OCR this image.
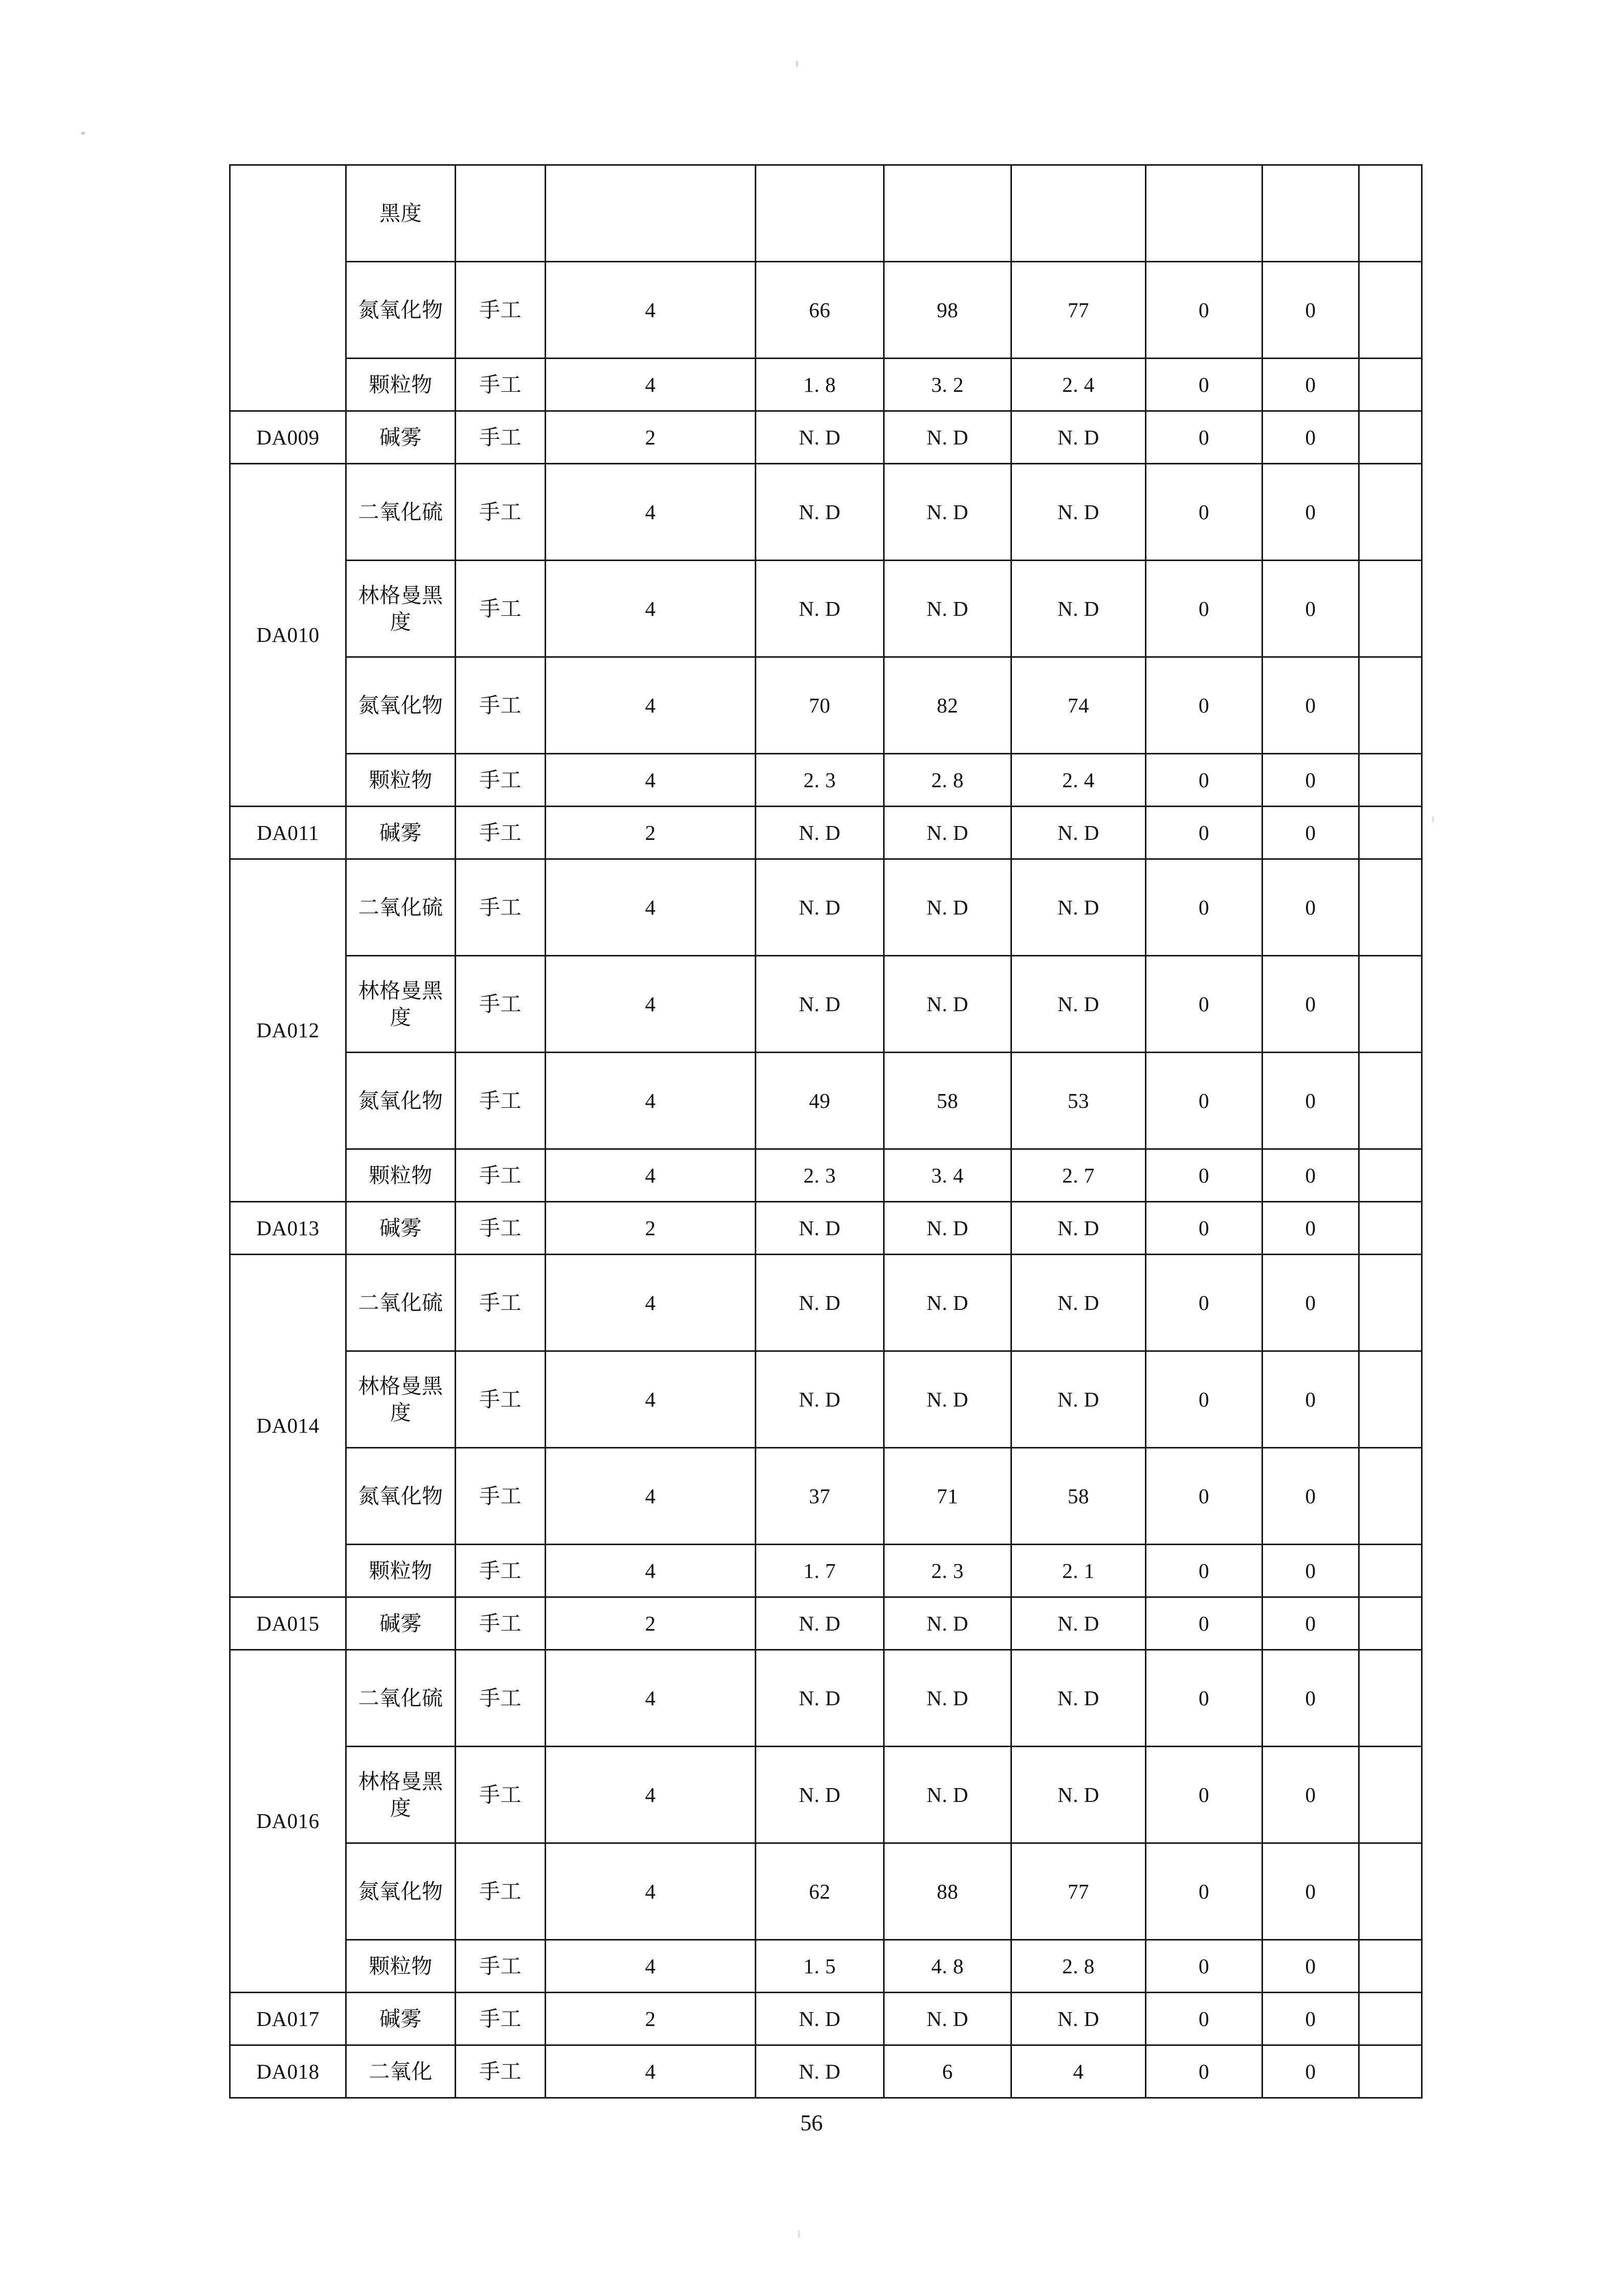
	黑度								
	氮氧化物	手工	4	66	98	77	0	0	
	颗粒物	手工	4	1. 8	3. 2	2. 4	0	0	
DA009	碱雾	手工	2	N. D	N. D	N. D	0	0	
DA010	二氧化硫	手工	4	N. D	N. D	N. D	0	0	
	林格曼黑度	手工	4	N. D	N. D	N. D	0	0	
	氮氧化物	手工	4	70	82	74	0	0	
	颗粒物	手工	4	2. 3	2. 8	2. 4	0	0	
DA011	碱雾	手工	2	N. D	N. D	N. D	0	0	
DA012	二氧化硫	手工	4	N. D	N. D	N. D	0	0	
	林格曼黑度	手工	4	N. D	N. D	N. D	0	0	
	氮氧化物	手工	4	49	58	53	0	0	
	颗粒物	手工	4	2. 3	3. 4	2. 7	0	0	
DA013	碱雾	手工	2	N. D	N. D	N. D	0	0	
DA014	二氧化硫	手工	4	N. D	N. D	N. D	0	0	
	林格曼黑度	手工	4	N. D	N. D	N. D	0	0	
	氮氧化物	手工	4	37	71	58	0	0	
	颗粒物	手工	4	1. 7	2. 3	2. 1	0	0	
DA015	碱雾	手工	2	N. D	N. D	N. D	0	0	
DA016	二氧化硫	手工	4	N. D	N. D	N. D	0	0	
	林格曼黑度	手工	4	N. D	N. D	N. D	0	0	
	氮氧化物	手工	4	62	88	77	0	0	
	颗粒物	手工	4	1. 5	4. 8	2. 8	0	0	
DA017	碱雾	手工	2	N. D	N. D	N. D	0	0	
DA018	二氧化	手工	4	N. D	6	4	0	0	
56
